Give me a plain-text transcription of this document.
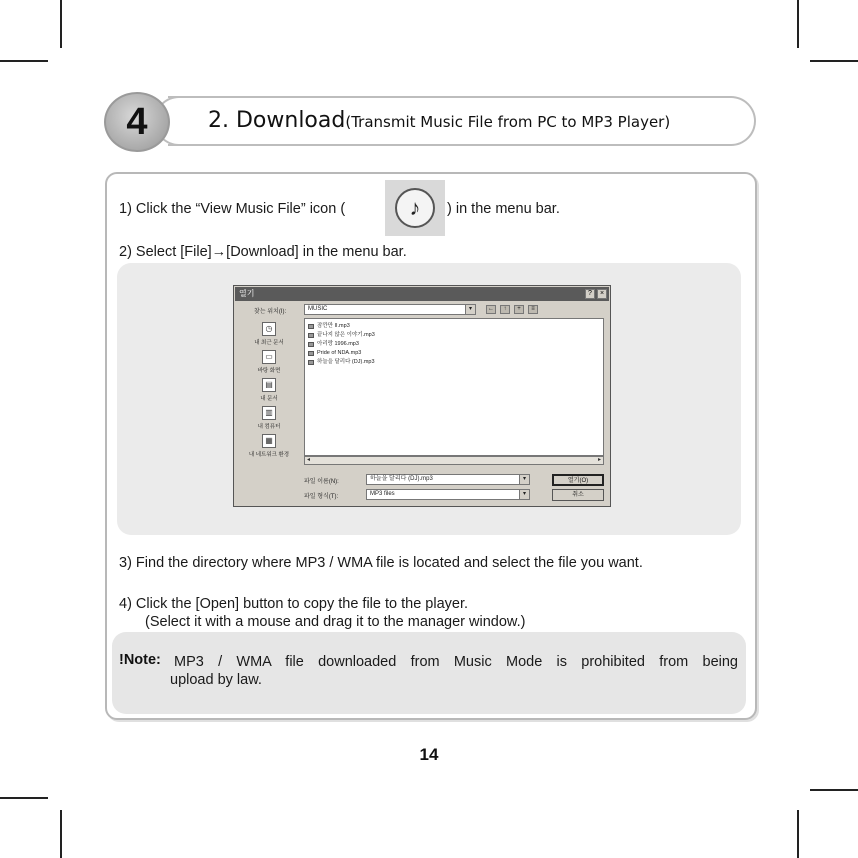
2. Download(Transmit Music File from PC to MP3 Player)
4
1) Click the “View Music File” icon (	♪	) in the menu bar.
2) Select [File]→[Download] in the menu bar.
열기	?	×
찾는 위치(I):	MUSIC	▾	←	↑	+	≡
◷
내 최근 문서
▭
바탕 화면
▤
내 문서
▥
내 컴퓨터
▦
내 네트워크 환경
잠깐만 II.mp3
끝나지 않은 이야기.mp3
아리랑 1996.mp3
Pride of NDA.mp3
하늘을 달리다 (DJ).mp3
◂	▸
파일 이름(N):	하늘을 달리다 (DJ).mp3	▾
파일 형식(T):	MP3 files	▾
열기(O)
취소
3) Find the directory where MP3 / WMA file is located and select the file you want.
4) Click the [Open] button to copy the file to the player.
(Select it with a mouse and drag it to the manager window.)
!Note: MP3 / WMA file downloaded from Music Mode is prohibited from being
upload by law.
14
